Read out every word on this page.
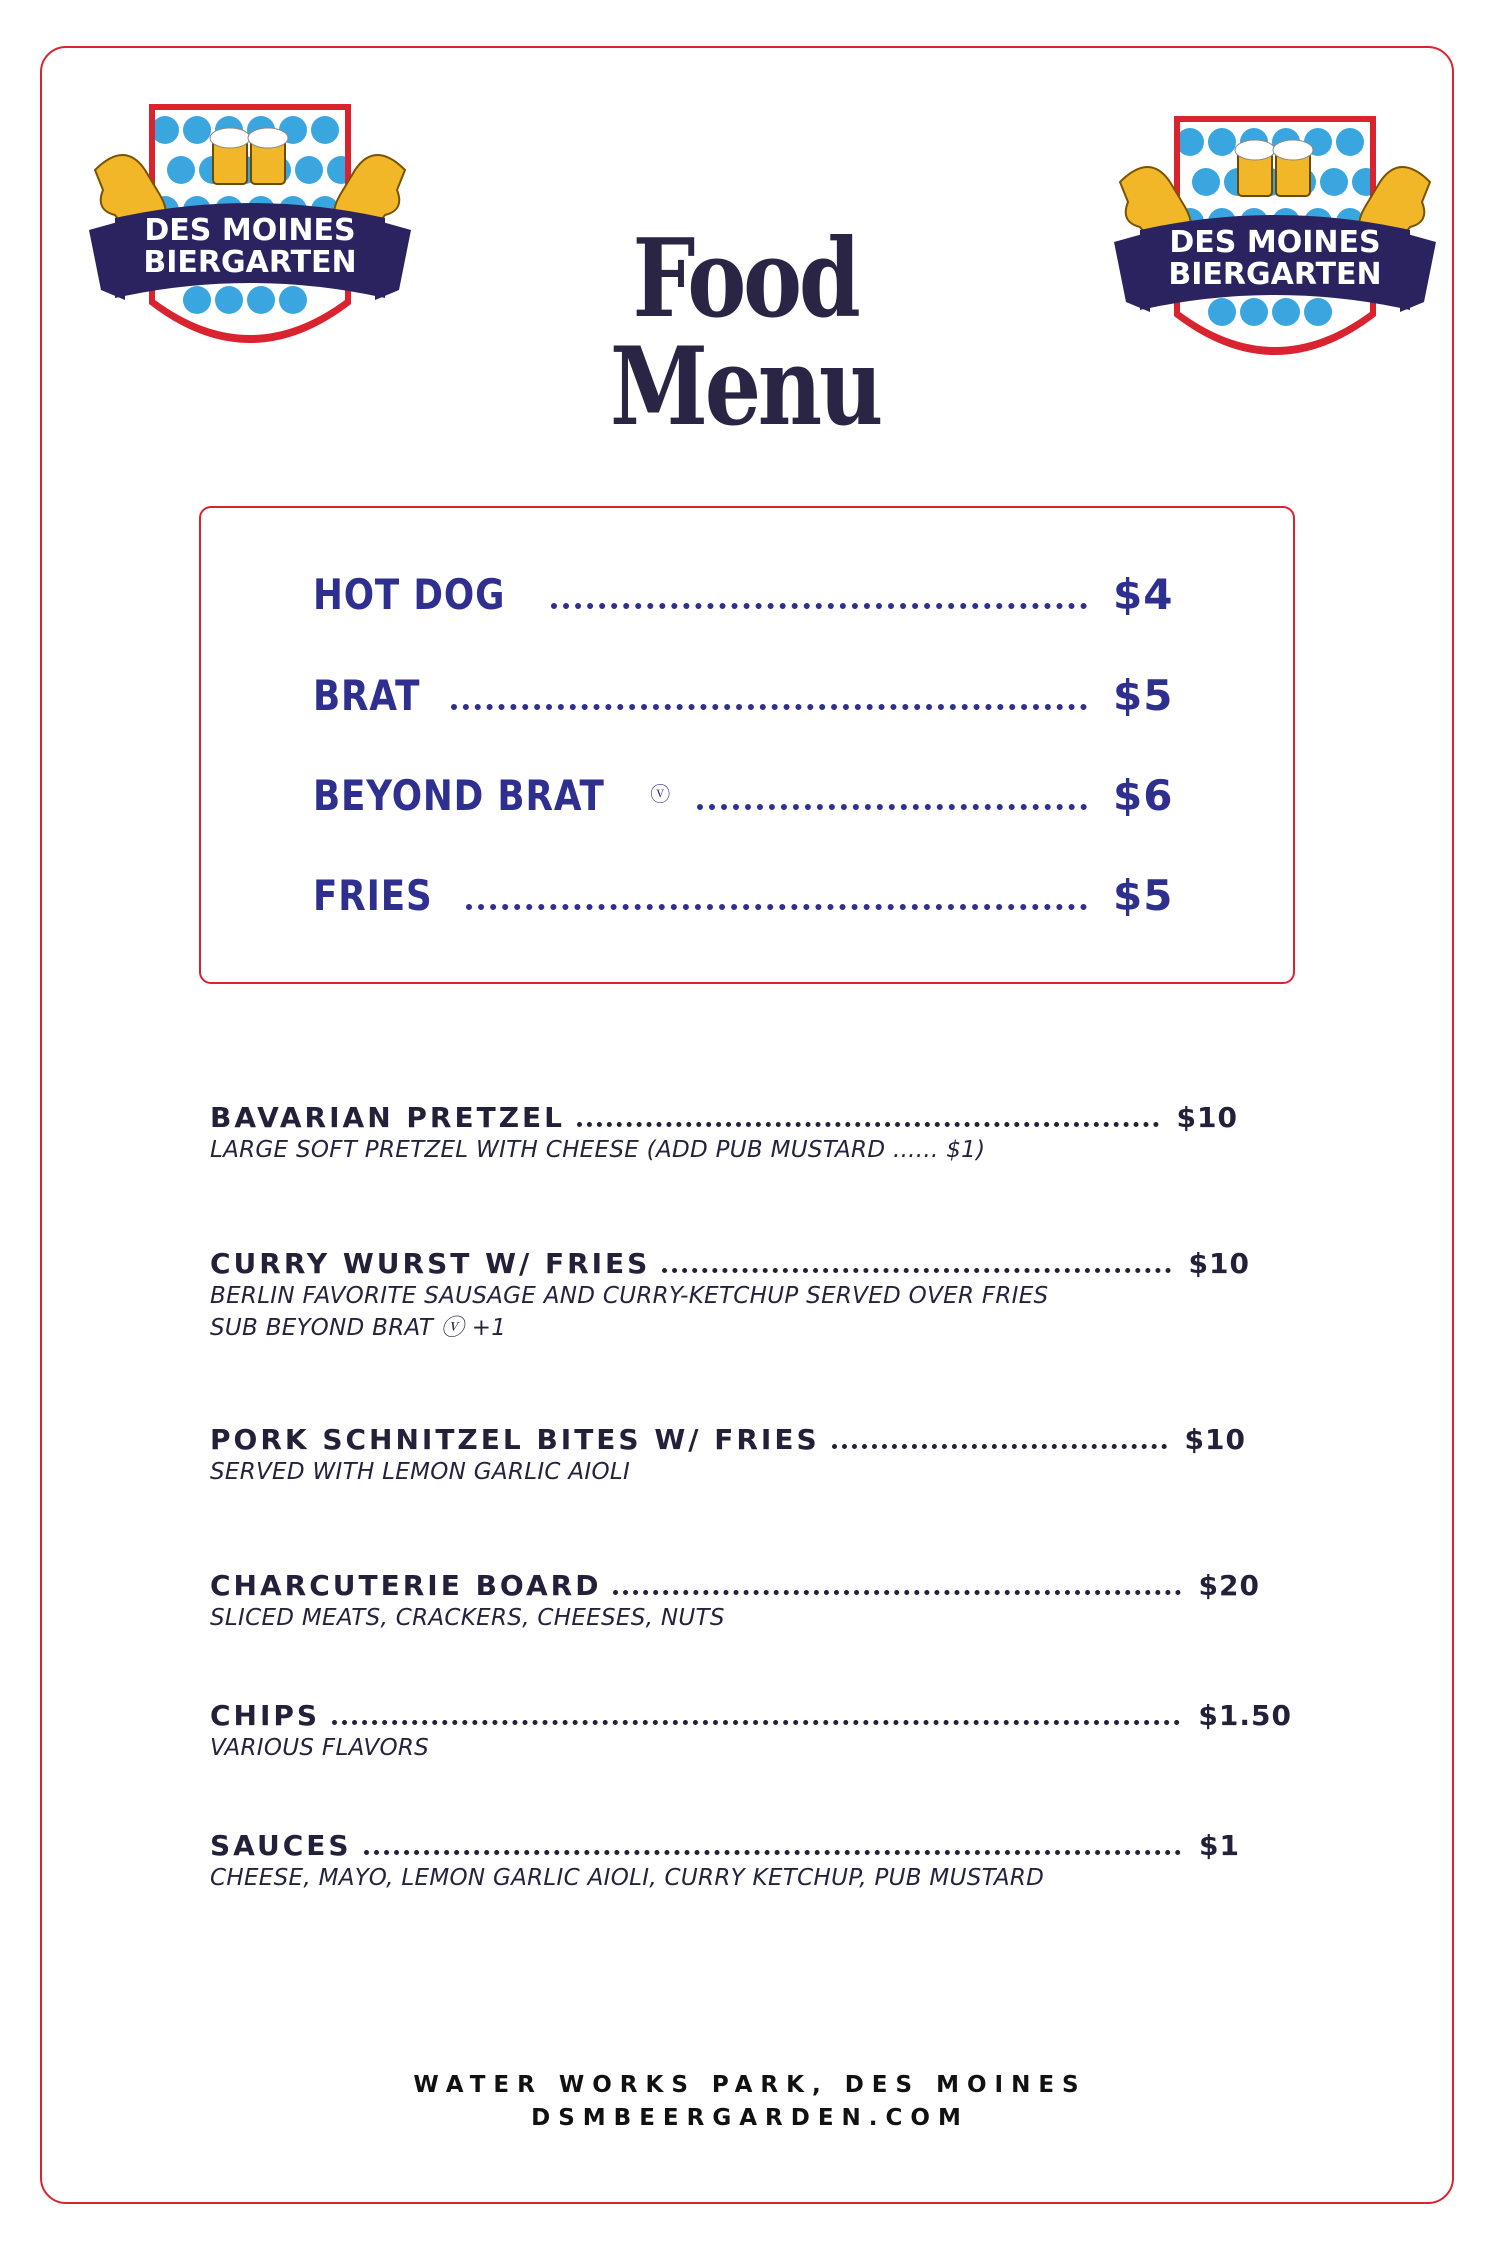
DES MOINES
BIERGARTEN
DES MOINES
BIERGARTEN
Food Menu
HOT DOG	$4
BRAT	$5
BEYOND BRAT ⓥ	$6
FRIES	$5
BAVARIAN PRETZEL	$10
LARGE SOFT PRETZEL WITH CHEESE (ADD PUB MUSTARD ...... $1)
CURRY WURST W/ FRIES	$10
BERLIN FAVORITE SAUSAGE AND CURRY-KETCHUP SERVED OVER FRIES
SUB BEYOND BRAT ⓥ +1
PORK SCHNITZEL BITES W/ FRIES	$10
SERVED WITH LEMON GARLIC AIOLI
CHARCUTERIE BOARD	$20
SLICED MEATS, CRACKERS, CHEESES, NUTS
CHIPS	$1.50
VARIOUS FLAVORS
SAUCES	$1
CHEESE, MAYO, LEMON GARLIC AIOLI, CURRY KETCHUP, PUB MUSTARD
WATER WORKS PARK, DES MOINES
DSMBEERGARDEN.COM
